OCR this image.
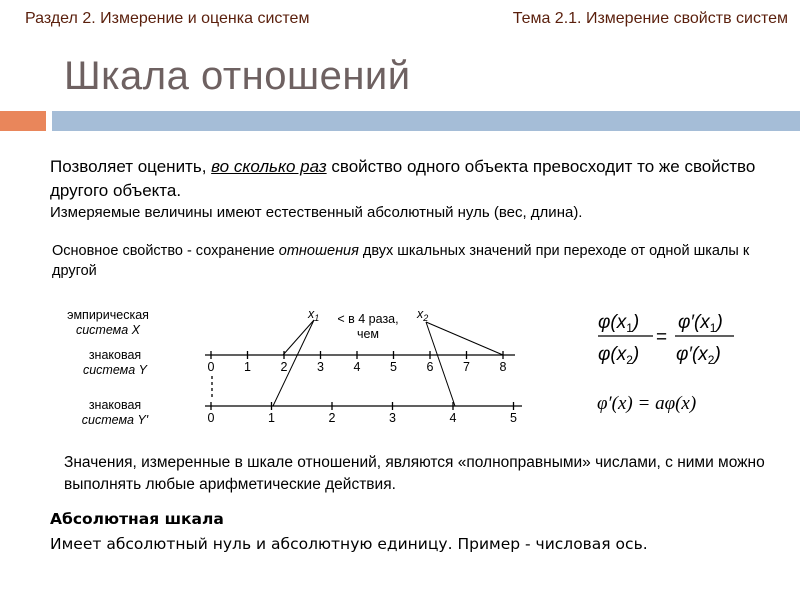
Раздел 2. Измерение и оценка систем	Тема 2.1. Измерение свойств систем
Шкала отношений
Позволяет оценить, во сколько раз свойство одного объекта превосходит то же свойство другого объекта.
Измеряемые величины имеют естественный абсолютный нуль (вес, длина).
Основное свойство - сохранение отношения двух шкальных значений при переходе от одной шкалы к другой
эмпирическая
система X
знаковая
система Y
знаковая
система Y'
0 1 2 3 4 5 6 7 8
0	1	2	3	4	5
$x_1$	$x_2$
< в 4 раза,
чем
$\varphi(x_1)$
$\varphi(x_2)$
=
$\varphi'(x_1)$
$\varphi'(x_2)$
φ′(x) = aφ(x)
Значения, измеренные в шкале отношений, являются «полноправными» числами, с ними можно выполнять любые арифметические действия.
Абсолютная шкала
Имеет абсолютный нуль и абсолютную единицу. Пример - числовая ось.
